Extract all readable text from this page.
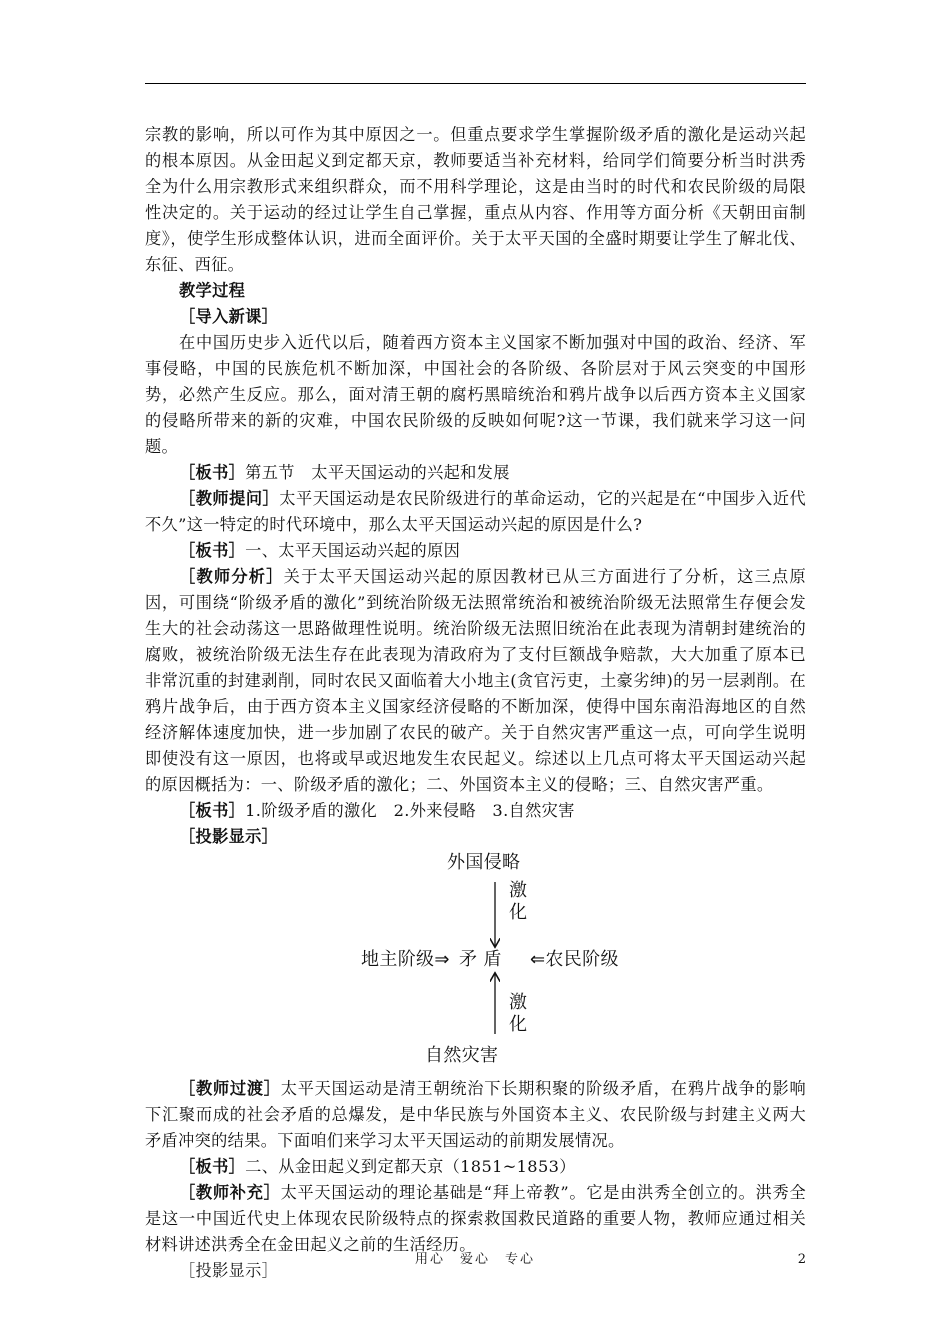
宗教的影响，所以可作为其中原因之一。但重点要求学生掌握阶级矛盾的激化是运动兴起的根本原因。从金田起义到定都天京，教师要适当补充材料，给同学们简要分析当时洪秀全为什么用宗教形式来组织群众，而不用科学理论，这是由当时的时代和农民阶级的局限性决定的。关于运动的经过让学生自己掌握，重点从内容、作用等方面分析《天朝田亩制度》，使学生形成整体认识，进而全面评价。关于太平天国的全盛时期要让学生了解北伐、东征、西征。

教学过程

［导入新课］

在中国历史步入近代以后，随着西方资本主义国家不断加强对中国的政治、经济、军事侵略，中国的民族危机不断加深，中国社会的各阶级、各阶层对于风云突变的中国形势，必然产生反应。那么，面对清王朝的腐朽黑暗统治和鸦片战争以后西方资本主义国家的侵略所带来的新的灾难，中国农民阶级的反映如何呢?这一节课，我们就来学习这一问题。

［板书］第五节　太平天国运动的兴起和发展

［教师提问］太平天国运动是农民阶级进行的革命运动，它的兴起是在“中国步入近代不久”这一特定的时代环境中，那么太平天国运动兴起的原因是什么?

［板书］一、太平天国运动兴起的原因

［教师分析］关于太平天国运动兴起的原因教材已从三方面进行了分析，这三点原因，可围绕“阶级矛盾的激化”到统治阶级无法照常统治和被统治阶级无法照常生存便会发生大的社会动荡这一思路做理性说明。统治阶级无法照旧统治在此表现为清朝封建统治的腐败，被统治阶级无法生存在此表现为清政府为了支付巨额战争赔款，大大加重了原本已非常沉重的封建剥削，同时农民又面临着大小地主(贪官污吏，土豪劣绅)的另一层剥削。在鸦片战争后，由于西方资本主义国家经济侵略的不断加深，使得中国东南沿海地区的自然经济解体速度加快，进一步加剧了农民的破产。关于自然灾害严重这一点，可向学生说明即使没有这一原因，也将或早或迟地发生农民起义。综述以上几点可将太平天国运动兴起的原因概括为：一、阶级矛盾的激化；二、外国资本主义的侵略；三、自然灾害严重。

［板书］1.阶级矛盾的激化　2.外来侵略　3.自然灾害

［投影显示］

外国侵略
激
化
地主阶级⇒ 矛 盾 ⇐农民阶级
激
化
自然灾害

［教师过渡］太平天国运动是清王朝统治下长期积聚的阶级矛盾，在鸦片战争的影响下汇聚而成的社会矛盾的总爆发，是中华民族与外国资本主义、农民阶级与封建主义两大矛盾冲突的结果。下面咱们来学习太平天国运动的前期发展情况。

［板书］二、从金田起义到定都天京（1851~1853）

［教师补充］太平天国运动的理论基础是“拜上帝教”。它是由洪秀全创立的。洪秀全是这一中国近代史上体现农民阶级特点的探索救国救民道路的重要人物，教师应通过相关材料讲述洪秀全在金田起义之前的生活经历。

［投影显示］

用心　爱心　专心	2
